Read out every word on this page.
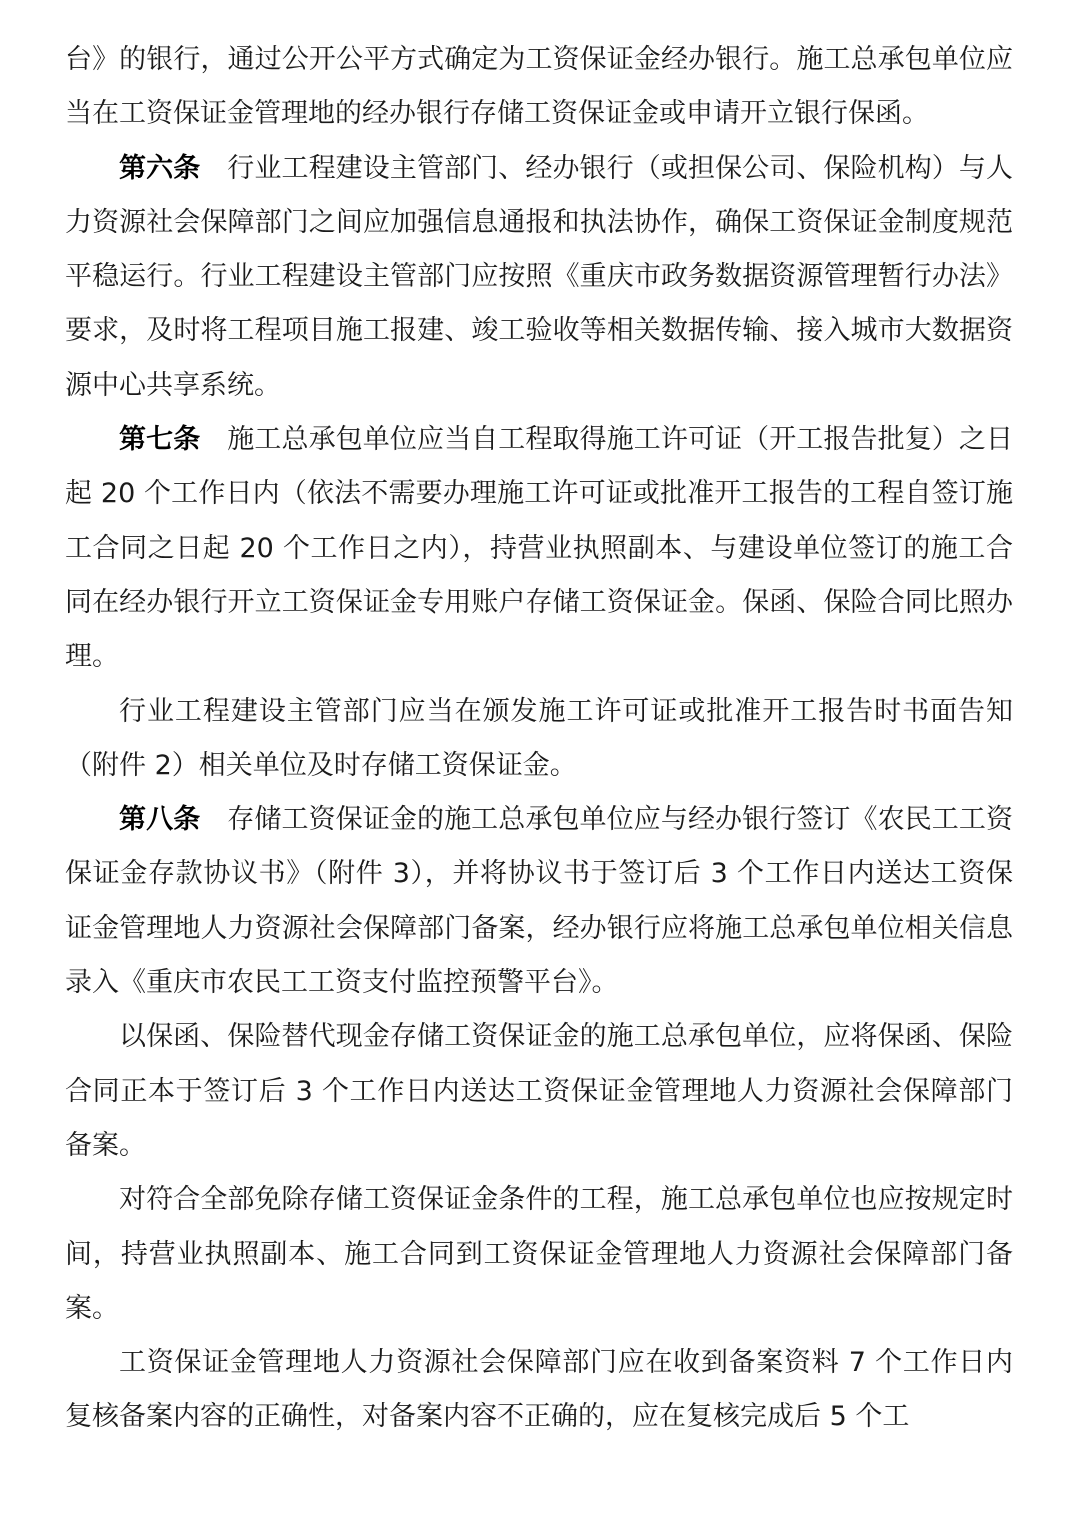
台》的银行，通过公开公平方式确定为工资保证金经办银行。施工总承包单位应当在工资保证金管理地的经办银行存储工资保证金或申请开立银行保函。

第六条 行业工程建设主管部门、经办银行（或担保公司、保险机构）与人力资源社会保障部门之间应加强信息通报和执法协作，确保工资保证金制度规范平稳运行。行业工程建设主管部门应按照《重庆市政务数据资源管理暂行办法》要求，及时将工程项目施工报建、竣工验收等相关数据传输、接入城市大数据资源中心共享系统。

第七条 施工总承包单位应当自工程取得施工许可证（开工报告批复）之日起 20 个工作日内（依法不需要办理施工许可证或批准开工报告的工程自签订施工合同之日起 20 个工作日之内），持营业执照副本、与建设单位签订的施工合同在经办银行开立工资保证金专用账户存储工资保证金。保函、保险合同比照办理。

行业工程建设主管部门应当在颁发施工许可证或批准开工报告时书面告知（附件 2）相关单位及时存储工资保证金。

第八条 存储工资保证金的施工总承包单位应与经办银行签订《农民工工资保证金存款协议书》（附件 3），并将协议书于签订后 3 个工作日内送达工资保证金管理地人力资源社会保障部门备案，经办银行应将施工总承包单位相关信息录入《重庆市农民工工资支付监控预警平台》。

以保函、保险替代现金存储工资保证金的施工总承包单位，应将保函、保险合同正本于签订后 3 个工作日内送达工资保证金管理地人力资源社会保障部门备案。

对符合全部免除存储工资保证金条件的工程，施工总承包单位也应按规定时间，持营业执照副本、施工合同到工资保证金管理地人力资源社会保障部门备案。

工资保证金管理地人力资源社会保障部门应在收到备案资料 7 个工作日内复核备案内容的正确性，对备案内容不正确的，应在复核完成后 5 个工
